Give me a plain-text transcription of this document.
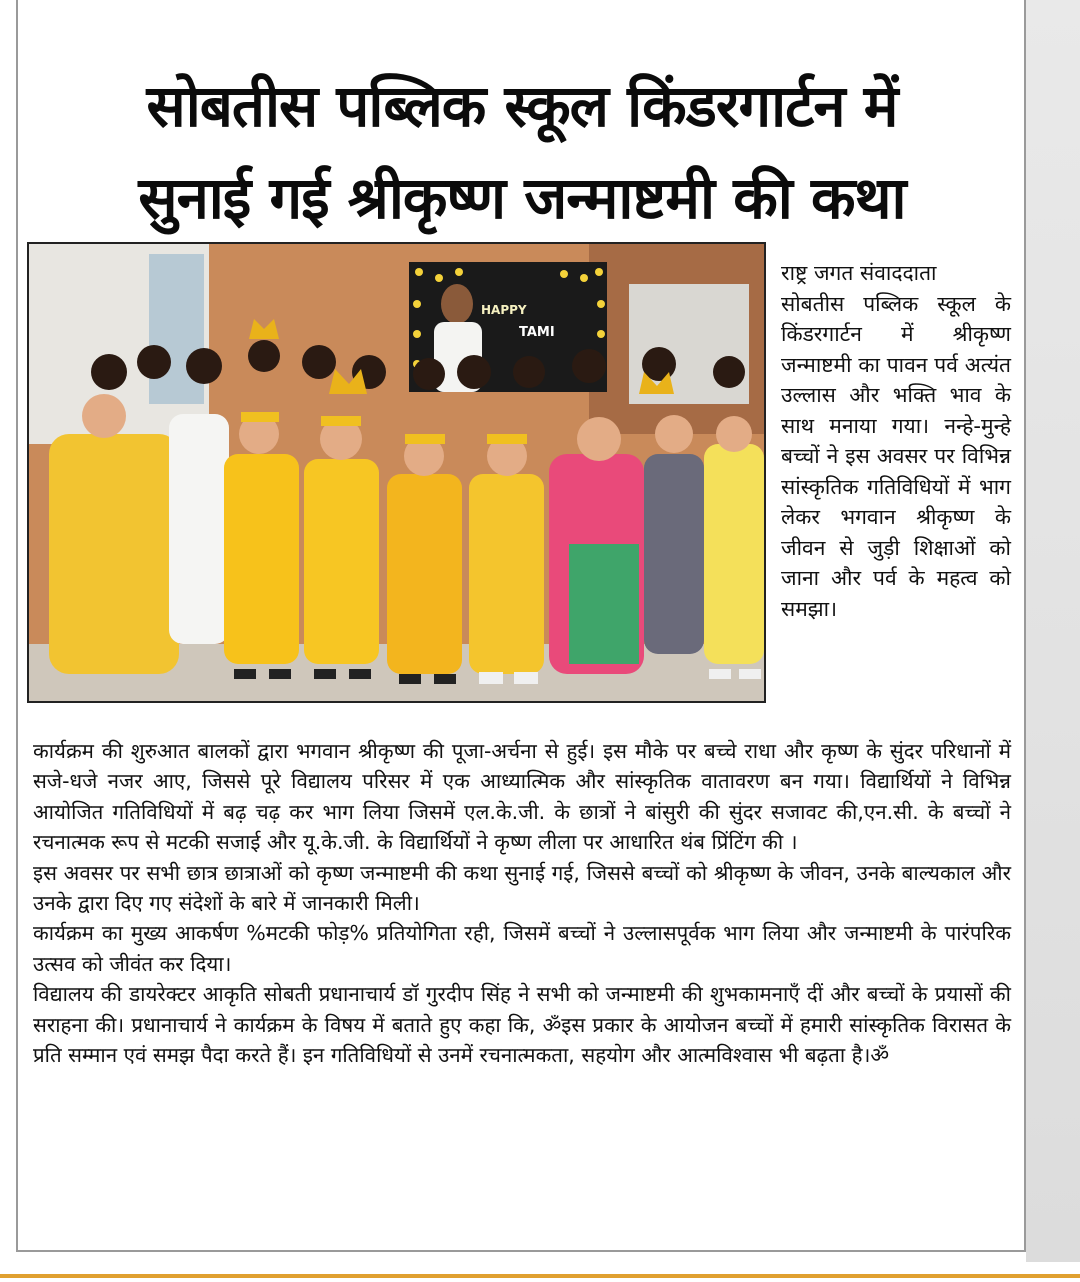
सोबतीस पब्लिक स्कूल किंडरगार्टन में
सुनाई गई श्रीकृष्ण जन्माष्टमी की कथा
HAPPY
TAMI

राष्ट्र जगत संवाददाता

सोबतीस पब्लिक स्कूल के किंडरगार्टन में श्रीकृष्ण जन्माष्टमी का पावन पर्व अत्यंत उल्लास और भक्ति भाव के साथ मनाया गया। नन्हे-मुन्हे बच्चों ने इस अवसर पर विभिन्न सांस्कृतिक गतिविधियों में भाग लेकर भगवान श्रीकृष्ण के जीवन से जुड़ी शिक्षाओं को जाना और पर्व के महत्व को समझा।

कार्यक्रम की शुरुआत बालकों द्वारा भगवान श्रीकृष्ण की पूजा-अर्चना से हुई। इस मौके पर बच्चे राधा और कृष्ण के सुंदर परिधानों में सजे-धजे नजर आए, जिससे पूरे विद्यालय परिसर में एक आध्यात्मिक और सांस्कृतिक वातावरण बन गया। विद्यार्थियों ने विभिन्न आयोजित गतिविधियों में बढ़ चढ़ कर भाग लिया जिसमें एल.के.जी. के छात्रों ने बांसुरी की सुंदर सजावट की,एन.सी. के बच्चों ने रचनात्मक रूप से मटकी सजाई और यू.के.जी. के विद्यार्थियों ने कृष्ण लीला पर आधारित थंब प्रिंटिंग की ।

इस अवसर पर सभी छात्र छात्राओं को कृष्ण जन्माष्टमी की कथा सुनाई गई, जिससे बच्चों को श्रीकृष्ण के जीवन, उनके बाल्यकाल और उनके द्वारा दिए गए संदेशों के बारे में जानकारी मिली।

कार्यक्रम का मुख्य आकर्षण %मटकी फोड़% प्रतियोगिता रही, जिसमें बच्चों ने उल्लासपूर्वक भाग लिया और जन्माष्टमी के पारंपरिक उत्सव को जीवंत कर दिया।

विद्यालय की डायरेक्टर आकृति सोबती प्रधानाचार्य डॉ गुरदीप सिंह ने सभी को जन्माष्टमी की शुभकामनाएँ दीं और बच्चों के प्रयासों की सराहना की। प्रधानाचार्य ने कार्यक्रम के विषय में बताते हुए कहा कि, ॐइस प्रकार के आयोजन बच्चों में हमारी सांस्कृतिक विरासत के प्रति सम्मान एवं समझ पैदा करते हैं। इन गतिविधियों से उनमें रचनात्मकता, सहयोग और आत्मविश्वास भी बढ़ता है।ॐ
